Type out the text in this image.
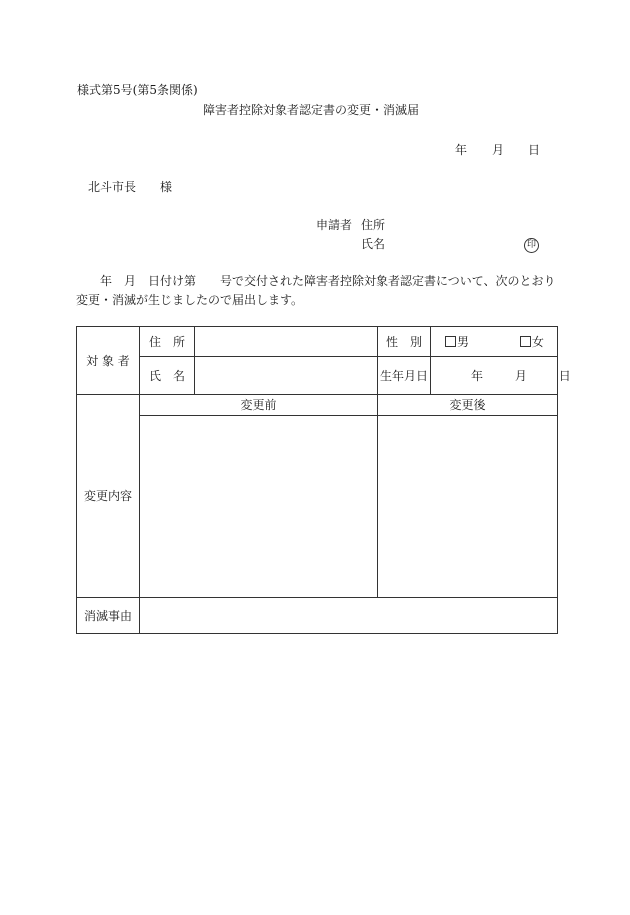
様式第5号(第5条関係)
障害者控除対象者認定書の変更・消滅届
年 月 日
北斗市長 様
申請者 住所
氏名	印
年　月　日付け第　　号で交付された障害者控除対象者認定書について、次のとおり
変更・消滅が生じましたので届出します。
対 象 者	住　所		性　別	男 女
	氏　名		生年月日	年 月 日
変更内容	変更前		変更後	

消滅事由				
